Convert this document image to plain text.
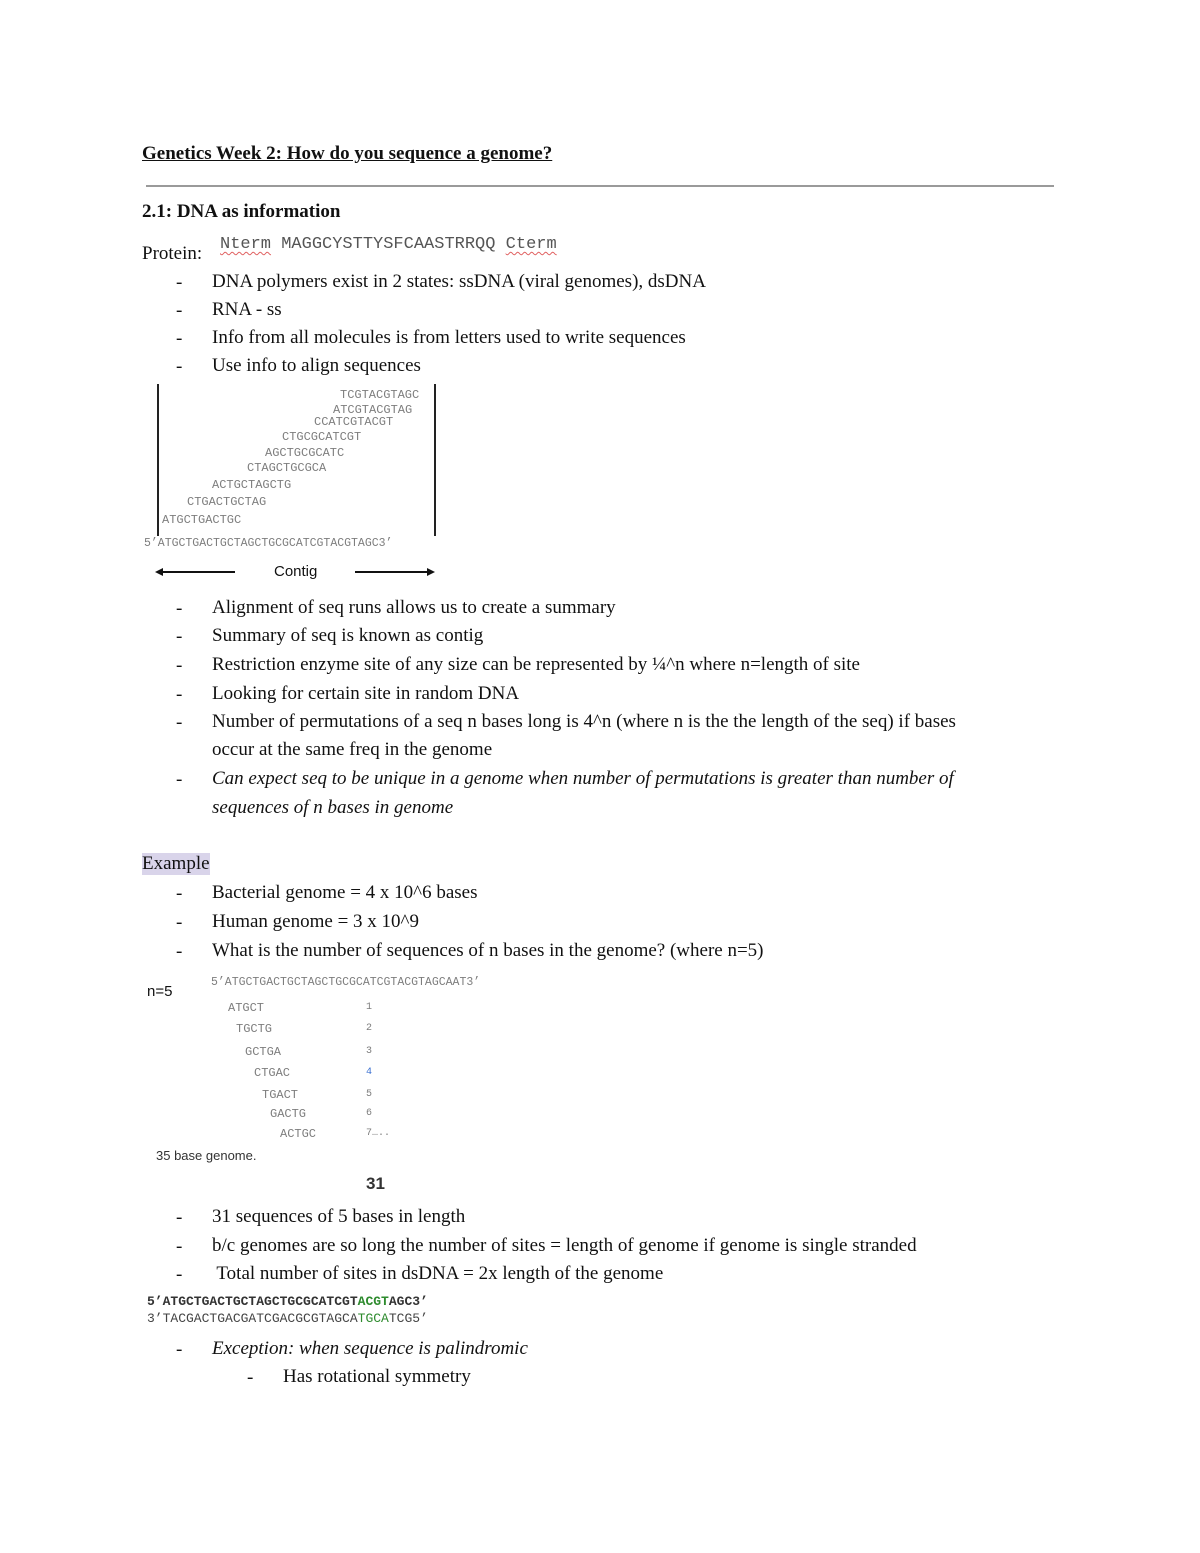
Genetics Week 2: How do you sequence a genome?
2.1: DNA as information
Protein: Nterm MAGGCYSTTYSFCAASTRRQQ Cterm
- DNA polymers exist in 2 states: ssDNA (viral genomes), dsDNA
- RNA - ss
- Info from all molecules is from letters used to write sequences
- Use info to align sequences
TCGTACGTAGC
ATCGTACGTAG
CCATCGTACGT
CTGCGCATCGT
AGCTGCGCATC
CTAGCTGCGCA
ACTGCTAGCTG
CTGACTGCTAG
ATGCTGACTGC
5’ATGCTGACTGCTAGCTGCGCATCGTACGTAGC3’
Contig
- Alignment of seq runs allows us to create a summary
- Summary of seq is known as contig
- Restriction enzyme site of any size can be represented by ¼^n where n=length of site
- Looking for certain site in random DNA
- Number of permutations of a seq n bases long is 4^n (where n is the the length of the seq) if bases
occur at the same freq in the genome
- Can expect seq to be unique in a genome when number of permutations is greater than number of
sequences of n bases in genome
Example
- Bacterial genome = 4 x 10^6 bases
- Human genome = 3 x 10^9
- What is the number of sequences of n bases in the genome? (where n=5)
n=5
5’ATGCTGACTGCTAGCTGCGCATCGTACGTAGCAAT3’
ATGCT
TGCTG
GCTGA
CTGAC
TGACT
GACTG
ACTGC
1
2
3
4
5
6
7…..
35 base genome.
31
- 31 sequences of 5 bases in length
- b/c genomes are so long the number of sites = length of genome if genome is single stranded
- Total number of sites in dsDNA = 2x length of the genome
5’ATGCTGACTGCTAGCTGCGCATCGTACGTAGC3’
3’TACGACTGACGATCGACGCGTAGCATGCATCG5’
- Exception: when sequence is palindromic
- Has rotational symmetry
